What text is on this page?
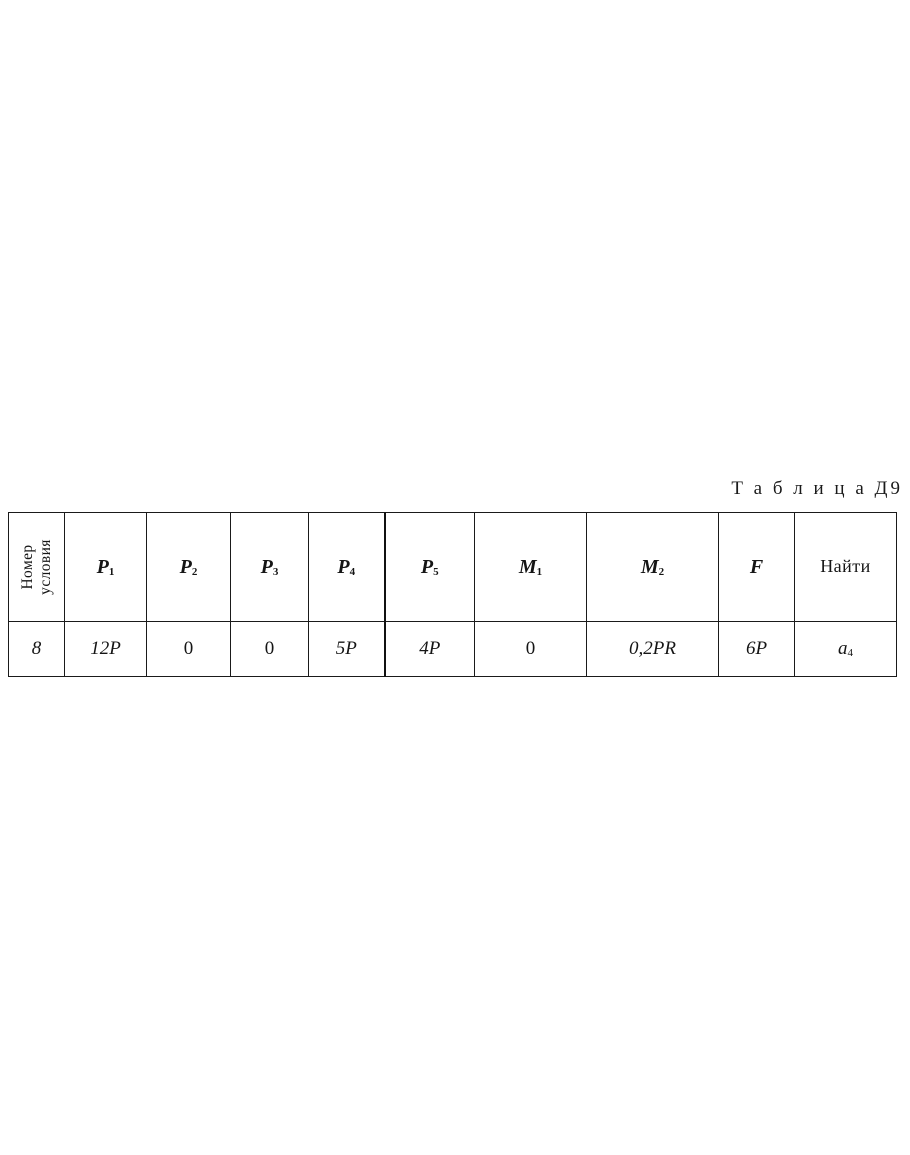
Т а б л и ц а Д9
Номер условия	$P_1$	$P_2$	$P_3$	$P_4$	$P_5$	$M_1$	$M_2$	F	Найти
8	12P	0	0	5P	4P	0	0,2PR	6P	$a_4$
